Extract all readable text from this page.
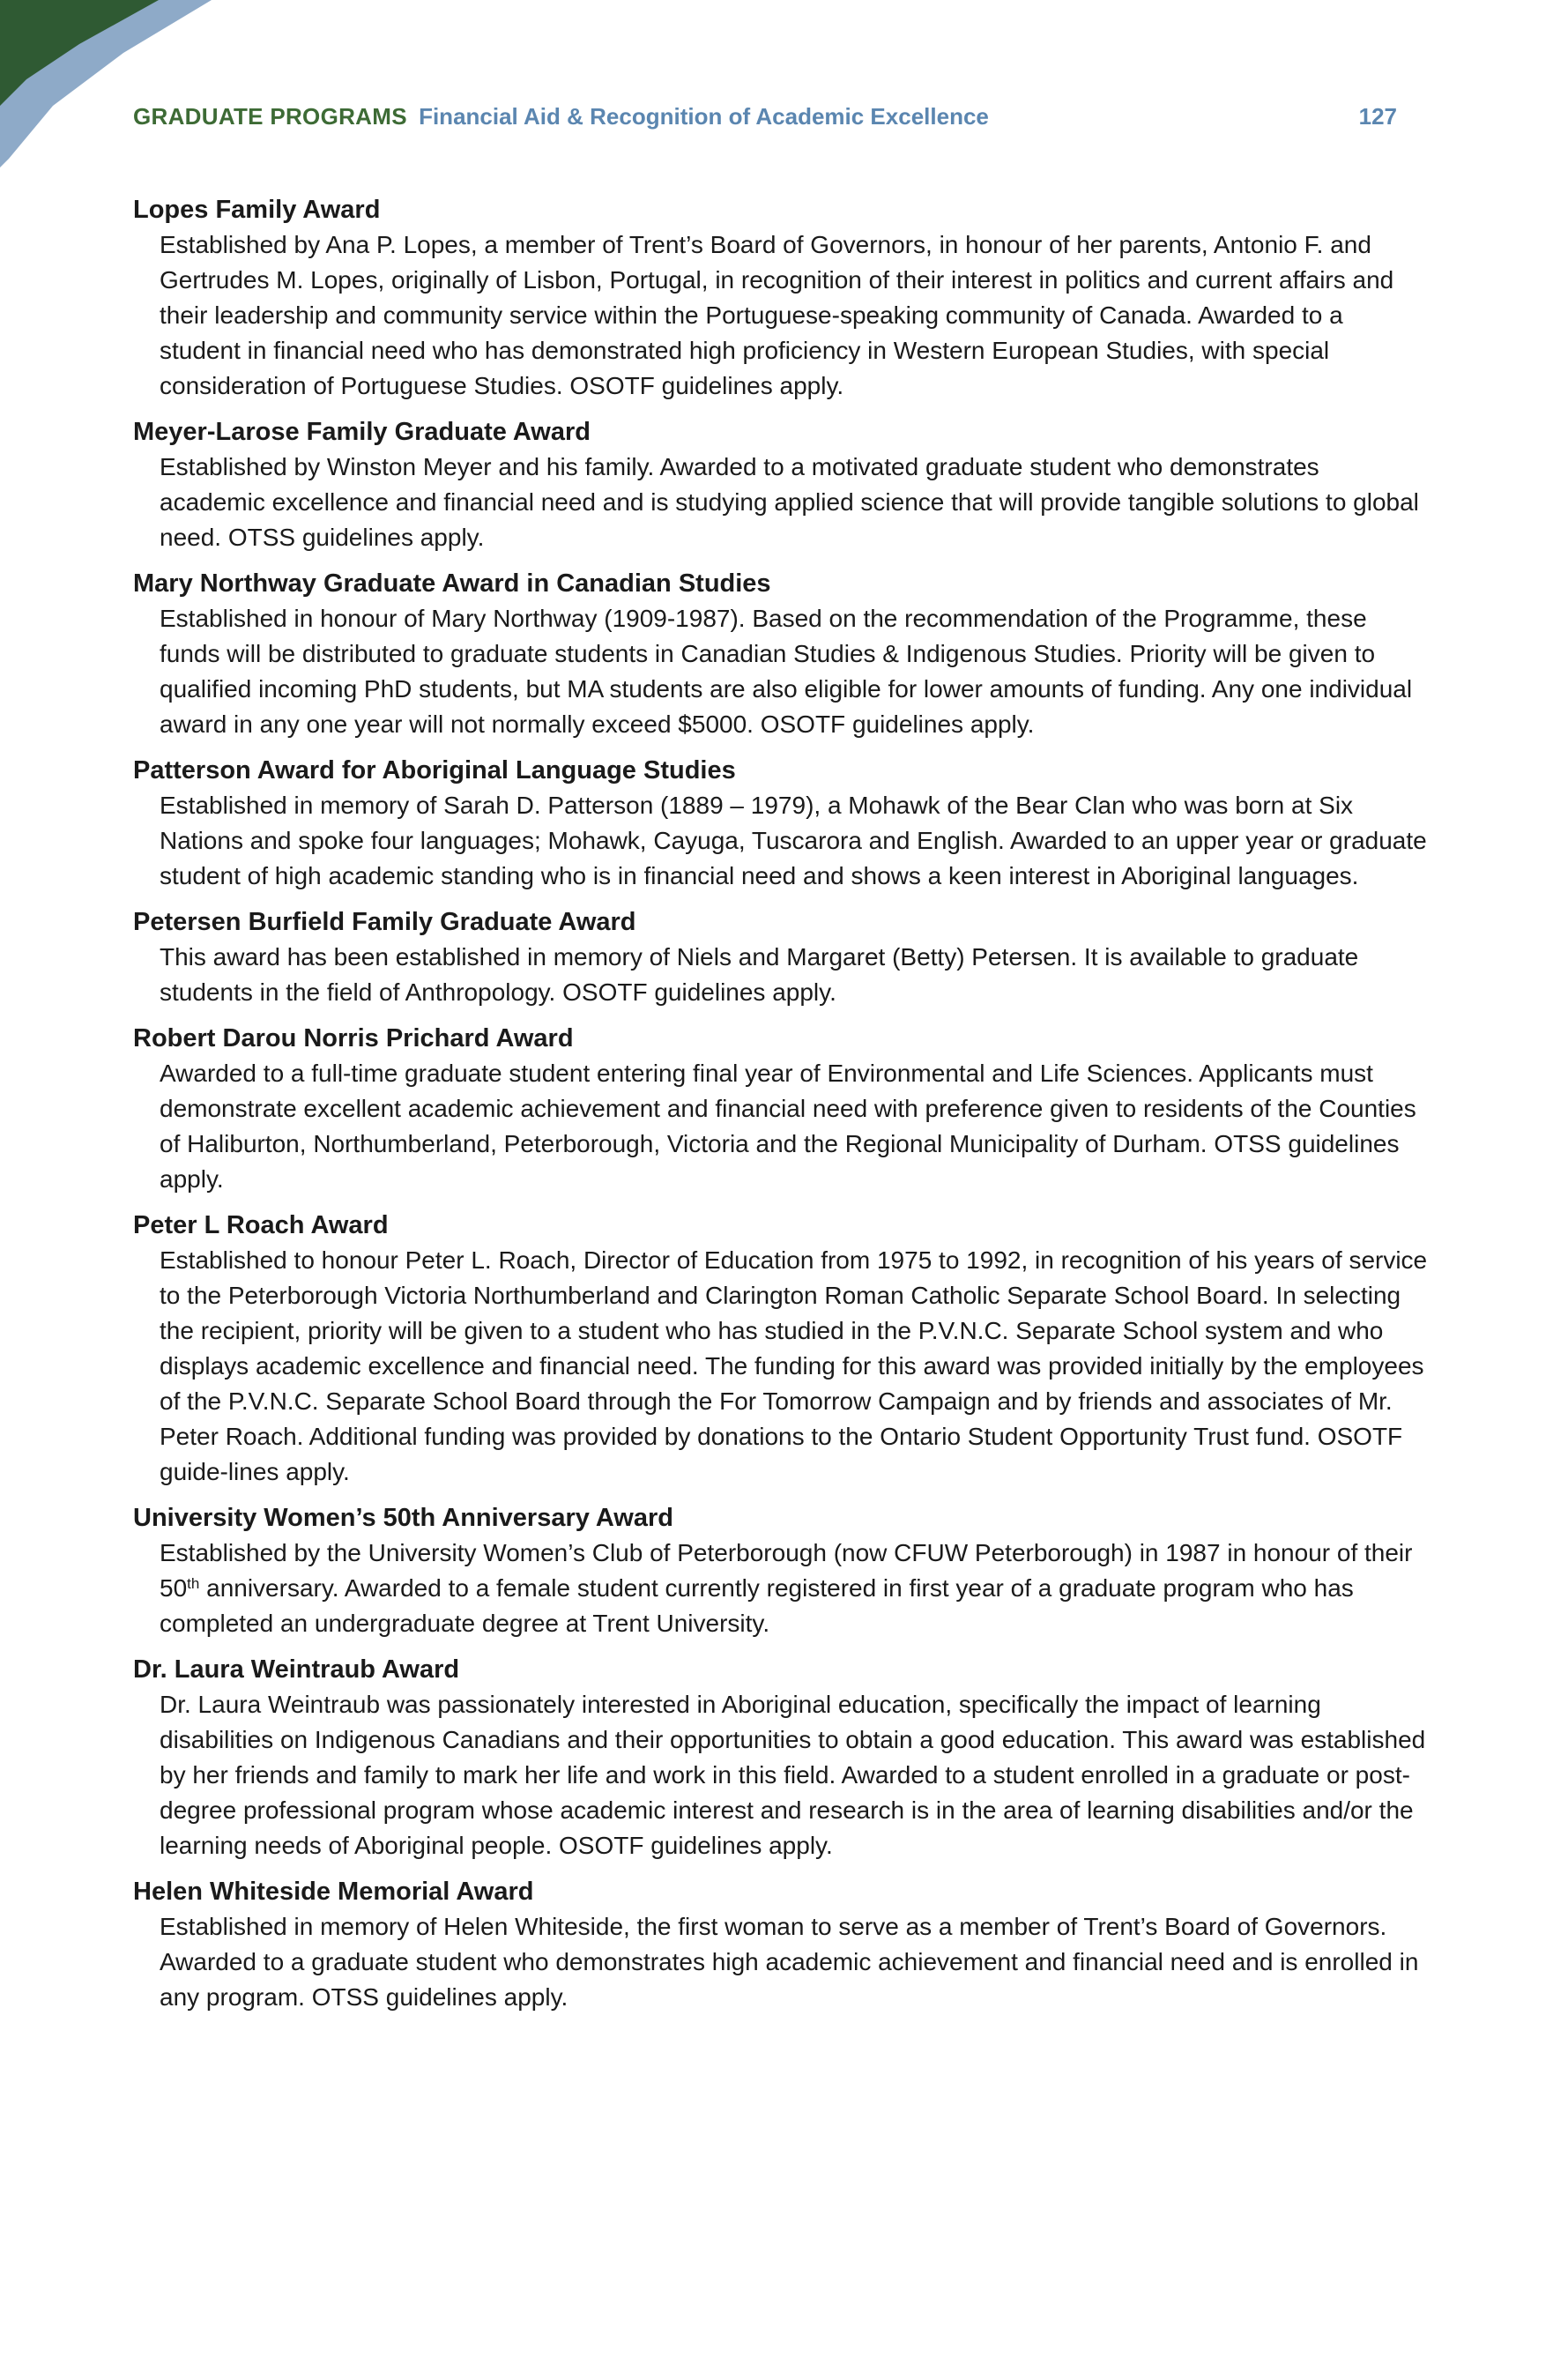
GRADUATE PROGRAMS Financial Aid & Recognition of Academic Excellence	127

Lopes Family Award

Established by Ana P. Lopes, a member of Trent’s Board of Governors, in honour of her parents, Antonio F. and Gertrudes M. Lopes, originally of Lisbon, Portugal, in recognition of their interest in politics and current affairs and their leadership and community service within the Portuguese-speaking community of Canada. Awarded to a student in financial need who has demonstrated high proficiency in Western European Studies, with special consideration of Portuguese Studies. OSOTF guidelines apply.

Meyer-Larose Family Graduate Award

Established by Winston Meyer and his family. Awarded to a motivated graduate student who demonstrates academic excellence and financial need and is studying applied science that will provide tangible solutions to global need. OTSS guidelines apply.

Mary Northway Graduate Award in Canadian Studies

Established in honour of Mary Northway (1909-1987). Based on the recommendation of the Programme, these funds will be distributed to graduate students in Canadian Studies & Indigenous Studies. Priority will be given to qualified incoming PhD students, but MA students are also eligible for lower amounts of funding. Any one individual award in any one year will not normally exceed $5000. OSOTF guidelines apply.

Patterson Award for Aboriginal Language Studies

Established in memory of Sarah D. Patterson (1889 – 1979), a Mohawk of the Bear Clan who was born at Six Nations and spoke four languages; Mohawk, Cayuga, Tuscarora and English. Awarded to an upper year or graduate student of high academic standing who is in financial need and shows a keen interest in Aboriginal languages.

Petersen Burfield Family Graduate Award

This award has been established in memory of Niels and Margaret (Betty) Petersen. It is available to graduate students in the field of Anthropology. OSOTF guidelines apply.

Robert Darou Norris Prichard Award

Awarded to a full-time graduate student entering final year of Environmental and Life Sciences. Applicants must demonstrate excellent academic achievement and financial need with preference given to residents of the Counties of Haliburton, Northumberland, Peterborough, Victoria and the Regional Municipality of Durham. OTSS guidelines apply.

Peter L Roach Award

Established to honour Peter L. Roach, Director of Education from 1975 to 1992, in recognition of his years of service to the Peterborough Victoria Northumberland and Clarington Roman Catholic Separate School Board. In selecting the recipient, priority will be given to a student who has studied in the P.V.N.C. Separate School system and who displays academic excellence and financial need. The funding for this award was provided initially by the employees of the P.V.N.C. Separate School Board through the For Tomorrow Campaign and by friends and associates of Mr. Peter Roach. Additional funding was provided by donations to the Ontario Student Opportunity Trust fund. OSOTF guide-lines apply.

University Women’s 50th Anniversary Award

Established by the University Women’s Club of Peterborough (now CFUW Peterborough) in 1987 in honour of their 50th anniversary. Awarded to a female student currently registered in first year of a graduate program who has completed an undergraduate degree at Trent University.

Dr. Laura Weintraub Award

Dr. Laura Weintraub was passionately interested in Aboriginal education, specifically the impact of learning disabilities on Indigenous Canadians and their opportunities to obtain a good education. This award was established by her friends and family to mark her life and work in this field. Awarded to a student enrolled in a graduate or post-degree professional program whose academic interest and research is in the area of learning disabilities and/or the learning needs of Aboriginal people. OSOTF guidelines apply.

Helen Whiteside Memorial Award

Established in memory of Helen Whiteside, the first woman to serve as a member of Trent’s Board of Governors. Awarded to a graduate student who demonstrates high academic achievement and financial need and is enrolled in any program. OTSS guidelines apply.
